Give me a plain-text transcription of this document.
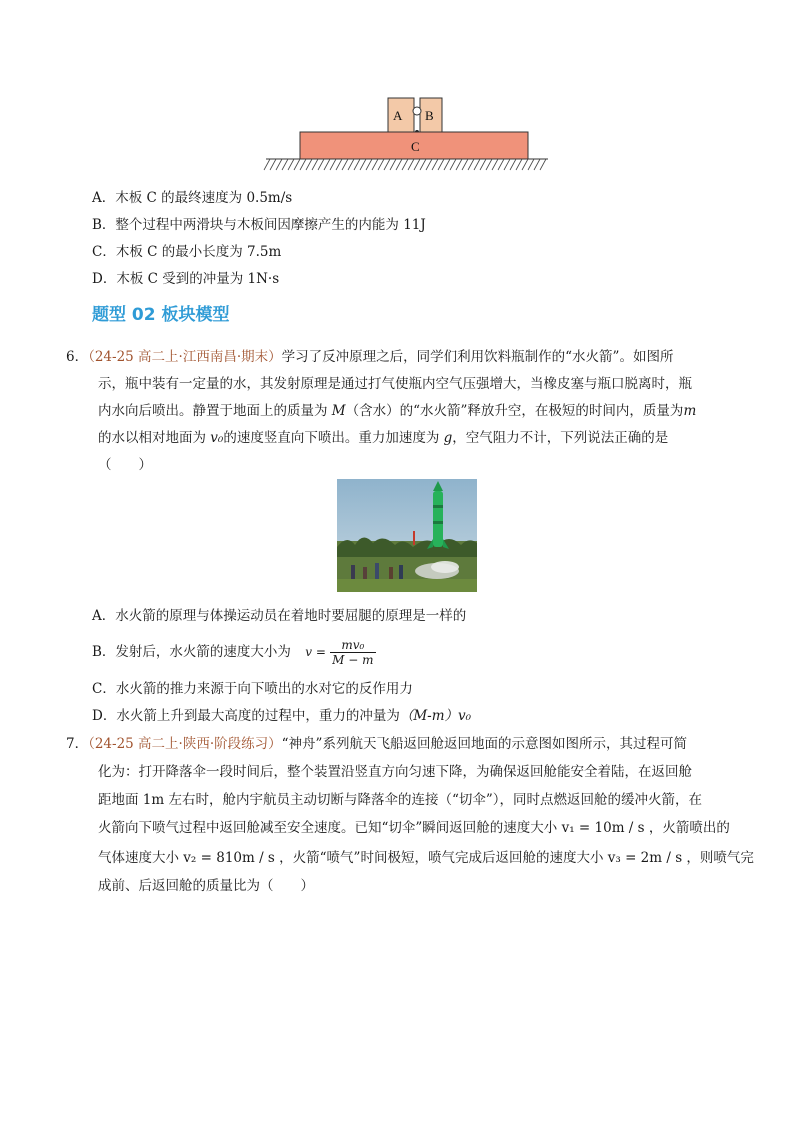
A B
C
A．木板 C 的最终速度为 0.5m/s
B．整个过程中两滑块与木板间因摩擦产生的内能为 11J
C．木板 C 的最小长度为 7.5m
D．木板 C 受到的冲量为 1N·s
题型 02 板块模型
6．（24-25 高二上·江西南昌·期末）学习了反冲原理之后，同学们利用饮料瓶制作的“水火箭”。如图所
示，瓶中装有一定量的水，其发射原理是通过打气使瓶内空气压强增大，当橡皮塞与瓶口脱离时，瓶
内水向后喷出。静置于地面上的质量为 M（含水）的“水火箭”释放升空，在极短的时间内，质量为m
的水以相对地面为 v₀的速度竖直向下喷出。重力加速度为 g，空气阻力不计，下列说法正确的是
（　　）
A．水火箭的原理与体操运动员在着地时要屈腿的原理是一样的
B．发射后，水火箭的速度大小为 $v = \frac{\text{mv₀}}{M - m}$
C．水火箭的推力来源于向下喷出的水对它的反作用力
D．水火箭上升到最大高度的过程中，重力的冲量为（M-m）v₀
7．（24-25 高二上·陕西·阶段练习）“神舟”系列航天飞船返回舱返回地面的示意图如图所示，其过程可简
化为：打开降落伞一段时间后，整个装置沿竖直方向匀速下降，为确保返回舱能安全着陆，在返回舱
距地面 1m 左右时，舱内宇航员主动切断与降落伞的连接（“切伞”），同时点燃返回舱的缓冲火箭，在
火箭向下喷气过程中返回舱减至安全速度。已知“切伞”瞬间返回舱的速度大小 v₁ = 10m / s ，火箭喷出的
气体速度大小 v₂ = 810m / s ，火箭“喷气”时间极短，喷气完成后返回舱的速度大小 v₃ = 2m / s ，则喷气完
成前、后返回舱的质量比为（　　）
